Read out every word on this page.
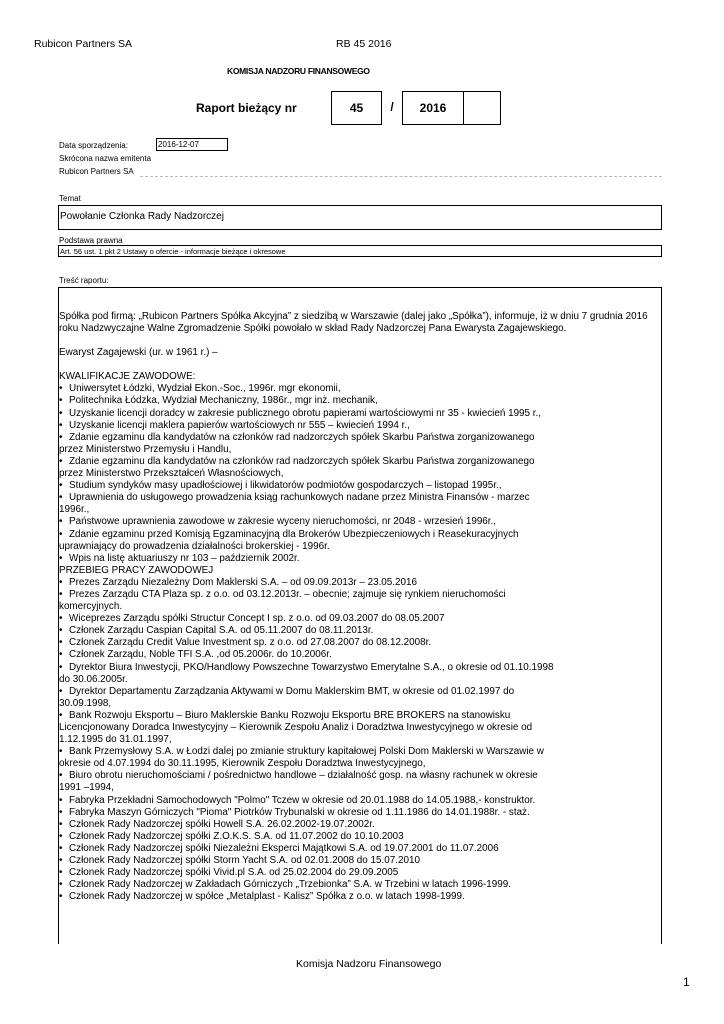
Rubicon Partners SA	RB 45 2016
KOMISJA NADZORU FINANSOWEGO
Raport bieżący nr	45	/	2016
Data sporządzenia:	2016-12-07
Skrócona nazwa emitenta
Rubicon Partners SA
Temat
Powołanie Członka Rady Nadzorczej
Podstawa prawna
Art. 56 ust. 1 pkt 2 Ustawy o ofercie - informacje bieżące i okresowe
Treść raportu:

Spółka pod firmą: „Rubicon Partners Spółka Akcyjna” z siedzibą w Warszawie (dalej jako „Spółka”), informuje, iż w dniu 7 grudnia 2016 roku Nadzwyczajne Walne Zgromadzenie Spółki powołało w skład Rady Nadzorczej Pana Ewarysta Zagajewskiego.

Ewaryst Zagajewski (ur. w 1961 r.) –

KWALIFIKACJE ZAWODOWE:

• Uniwersytet Łódzki, Wydział Ekon.-Soc., 1996r. mgr ekonomii,
• Politechnika Łódzka, Wydział Mechaniczny, 1986r., mgr inż. mechanik,
• Uzyskanie licencji doradcy w zakresie publicznego obrotu papierami wartościowymi nr 35 - kwiecień 1995 r.,
• Uzyskanie licencji maklera papierów wartościowych nr 555 – kwiecień 1994 r.,
• Zdanie egzaminu dla kandydatów na członków rad nadzorczych spółek Skarbu Państwa zorganizowanego
przez Ministerstwo Przemysłu i Handlu,
• Zdanie egzaminu dla kandydatów na członków rad nadzorczych spółek Skarbu Państwa zorganizowanego
przez Ministerstwo Przekształceń Własnościowych,
• Studium syndyków masy upadłościowej i likwidatorów podmiotów gospodarczych – listopad 1995r.,
• Uprawnienia do usługowego prowadzenia ksiąg rachunkowych nadane przez Ministra Finansów - marzec
1996r.,
• Państwowe uprawnienia zawodowe w zakresie wyceny nieruchomości, nr 2048 - wrzesień 1996r.,
• Zdanie egzaminu przed Komisją Egzaminacyjną dla Brokerów Ubezpieczeniowych i Reasekuracyjnych
uprawniający do prowadzenia działalności brokerskiej - 1996r.
• Wpis na listę aktuariuszy nr 103 – październik 2002r.

PRZEBIEG PRACY ZAWODOWEJ

• Prezes Zarządu Niezależny Dom Maklerski S.A. – od 09.09.2013r – 23.05.2016
• Prezes Zarządu CTA Plaza sp. z o.o. od 03.12.2013r. – obecnie; zajmuje się rynkiem nieruchomości
komercyjnych.
• Wiceprezes Zarządu spółki Structur Concept I sp. z o.o. od 09.03.2007 do 08.05.2007
• Członek Zarządu Caspian Capital S.A. od 05.11.2007 do 08.11.2013r.
• Członek Zarządu Credit Value Investment sp. z o.o. od 27.08.2007 do 08.12.2008r.
• Członek Zarządu, Noble TFI S.A. ,od 05.2006r. do 10.2006r.
• Dyrektor Biura Inwestycji, PKO/Handlowy Powszechne Towarzystwo Emerytalne S.A., o okresie od 01.10.1998
do 30.06.2005r.
• Dyrektor Departamentu Zarządzania Aktywami w Domu Maklerskim BMT, w okresie od 01.02.1997 do
30.09.1998,
• Bank Rozwoju Eksportu – Biuro Maklerskie Banku Rozwoju Eksportu BRE BROKERS na stanowisku
Licencjonowany Doradca Inwestycyjny – Kierownik Zespołu Analiz i Doradztwa Inwestycyjnego w okresie od
1.12.1995 do 31.01.1997,
• Bank Przemysłowy S.A. w Łodzi dalej po zmianie struktury kapitałowej Polski Dom Maklerski w Warszawie w
okresie od 4.07.1994 do 30.11.1995, Kierownik Zespołu Doradztwa Inwestycyjnego,
• Biuro obrotu nieruchomościami / pośrednictwo handlowe – działalność gosp. na własny rachunek w okresie
1991 –1994,
• Fabryka Przekładni Samochodowych "Polmo" Tczew w okresie od 20.01.1988 do 14.05.1988,- konstruktor.
• Fabryka Maszyn Górniczych "Pioma" Piotrków Trybunalski w okresie od 1.11.1986 do 14.01.1988r. - staż.
• Członek Rady Nadzorczej spółki Howell S.A. 26.02.2002-19.07.2002r.
• Członek Rady Nadzorczej spółki Z.O.K.S. S.A. od 11.07.2002 do 10.10.2003
• Członek Rady Nadzorczej spółki Niezależni Eksperci Majątkowi S.A. od 19.07.2001 do 11.07.2006
• Członek Rady Nadzorczej spółki Storm Yacht S.A. od 02.01.2008 do 15.07.2010
• Członek Rady Nadzorczej spółki Vivid.pl S.A. od 25.02.2004 do 29.09.2005
• Członek Rady Nadzorczej w Zakładach Górniczych „Trzebionka” S.A. w Trzebini w latach 1996-1999.
• Członek Rady Nadzorczej w spółce „Metalplast - Kalisz” Spółka z o.o. w latach 1998-1999.
Komisja Nadzoru Finansowego
1
